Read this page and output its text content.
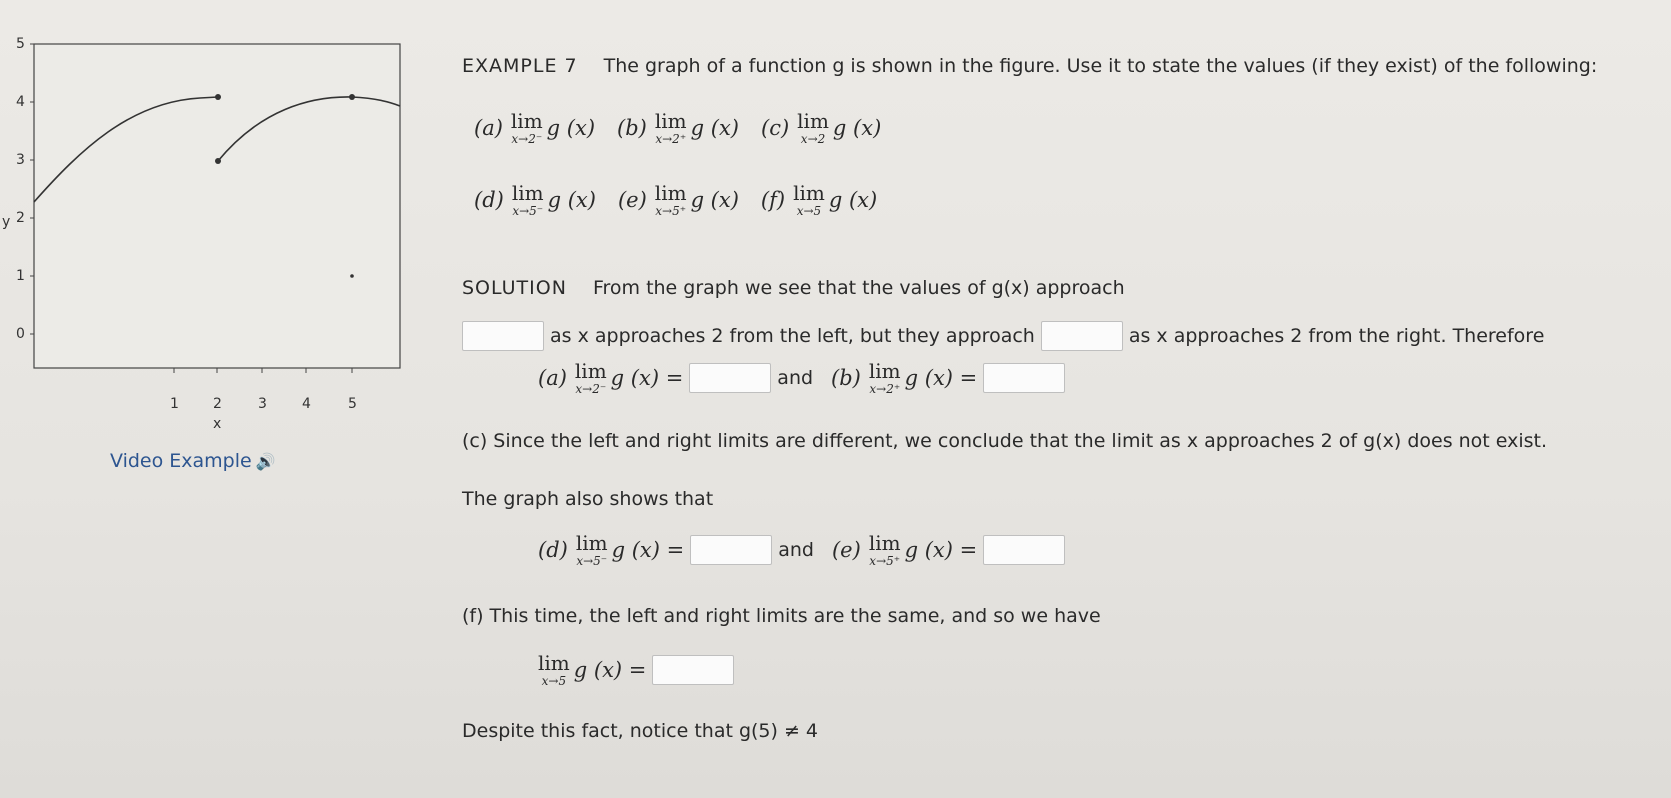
5
4
3
2
1
0
y
1 2	3	4	5
x
Video Example 🔊
EXAMPLE 7 The graph of a function g is shown in the figure. Use it to state the values (if they exist) of the following:
(a) lim
x→2⁻ g (x) (b) lim
x→2⁺ g (x) (c) lim
x→2 g (x)
(d) lim
x→5⁻ g (x) (e) lim
x→5⁺ g (x) (f) lim
x→5 g (x)
SOLUTION From the graph we see that the values of g(x) approach
as x approaches 2 from the left, but they approach	as x approaches 2 from the right. Therefore
(a) lim
x→2⁻ g (x) =	and (b) lim
x→2⁺ g (x) =
(c) Since the left and right limits are different, we conclude that the limit as x approaches 2 of g(x) does not exist.
The graph also shows that
(d) lim
x→5⁻ g (x) =	and (e) lim
x→5⁺ g (x) =
(f) This time, the left and right limits are the same, and so we have
lim
x→5 g (x) =
Despite this fact, notice that g(5) ≠ 4
